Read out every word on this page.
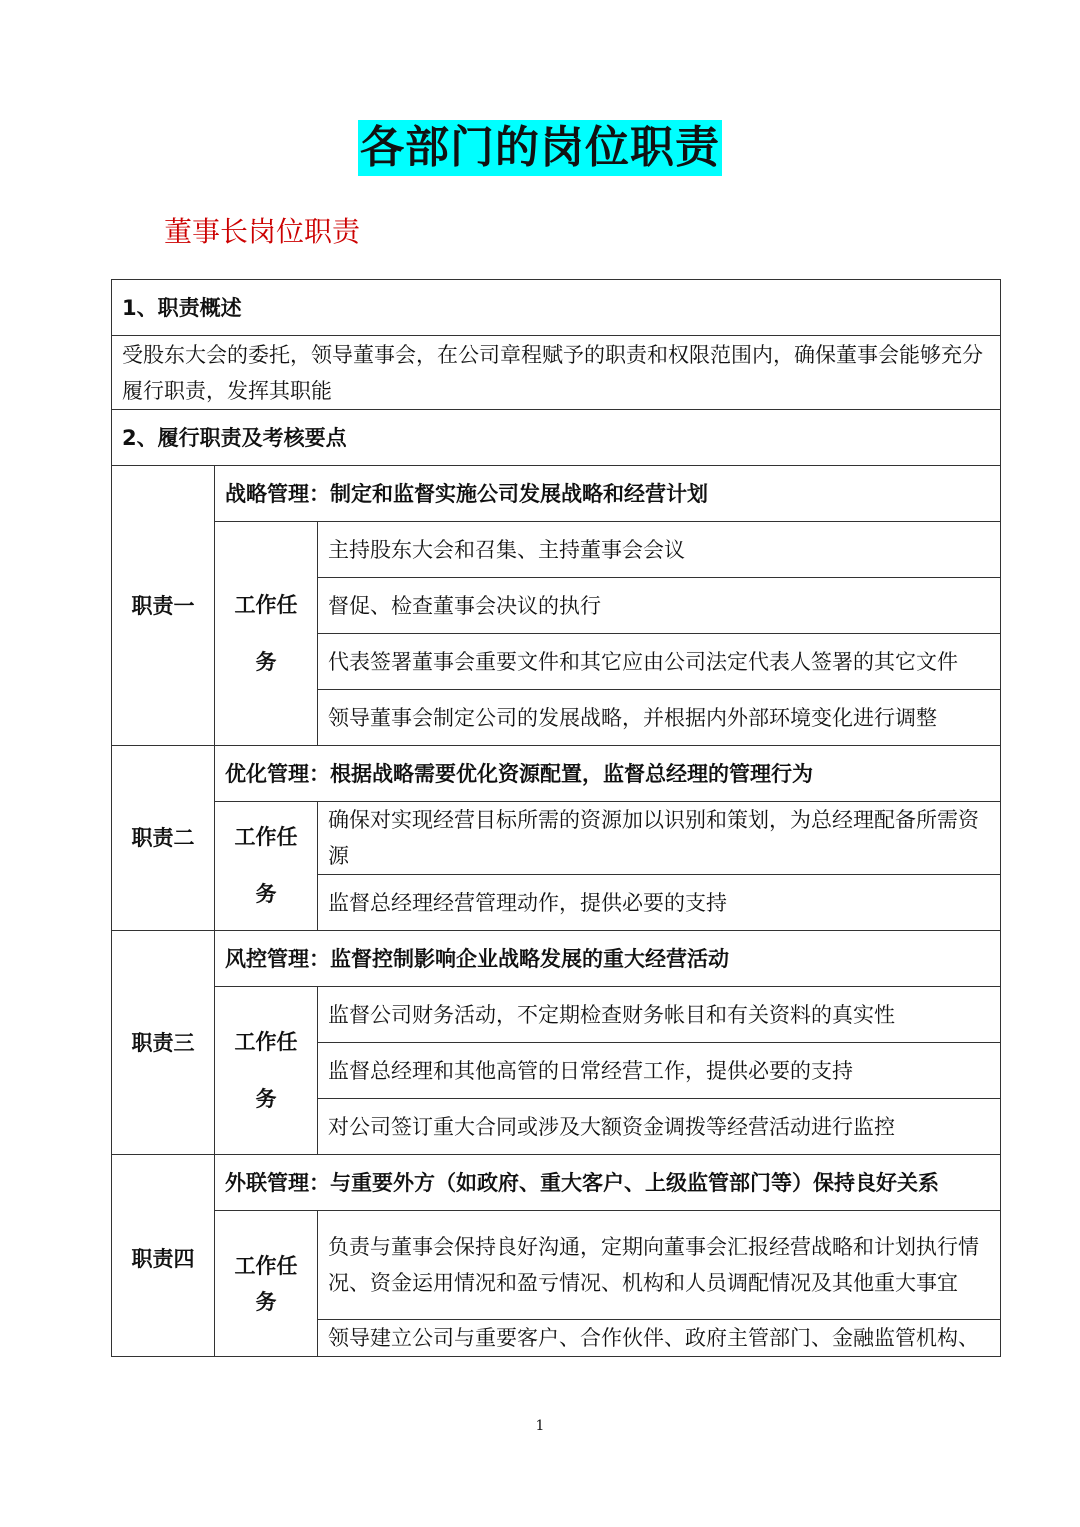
各部门的岗位职责
董事长岗位职责
1、职责概述		
受股东大会的委托，领导董事会，在公司章程赋予的职责和权限范围内，确保董事会能够充分履行职责，发挥其职能		
2、履行职责及考核要点		
职责一	战略管理：制定和监督实施公司发展战略和经营计划	
	工作任务	主持股东大会和召集、主持董事会会议
		督促、检查董事会决议的执行
		代表签署董事会重要文件和其它应由公司法定代表人签署的其它文件
		领导董事会制定公司的发展战略，并根据内外部环境变化进行调整
职责二	优化管理：根据战略需要优化资源配置，监督总经理的管理行为	
	工作任务	确保对实现经营目标所需的资源加以识别和策划，为总经理配备所需资源
		监督总经理经营管理动作，提供必要的支持
职责三	风控管理：监督控制影响企业战略发展的重大经营活动	
	工作任务	监督公司财务活动，不定期检查财务帐目和有关资料的真实性
		监督总经理和其他高管的日常经营工作，提供必要的支持
		对公司签订重大合同或涉及大额资金调拨等经营活动进行监控
职责四	外联管理：与重要外方（如政府、重大客户、上级监管部门等）保持良好关系	
	工作任务	负责与董事会保持良好沟通，定期向董事会汇报经营战略和计划执行情况、资金运用情况和盈亏情况、机构和人员调配情况及其他重大事宜
		领导建立公司与重要客户、合作伙伴、政府主管部门、金融监管机构、
1
